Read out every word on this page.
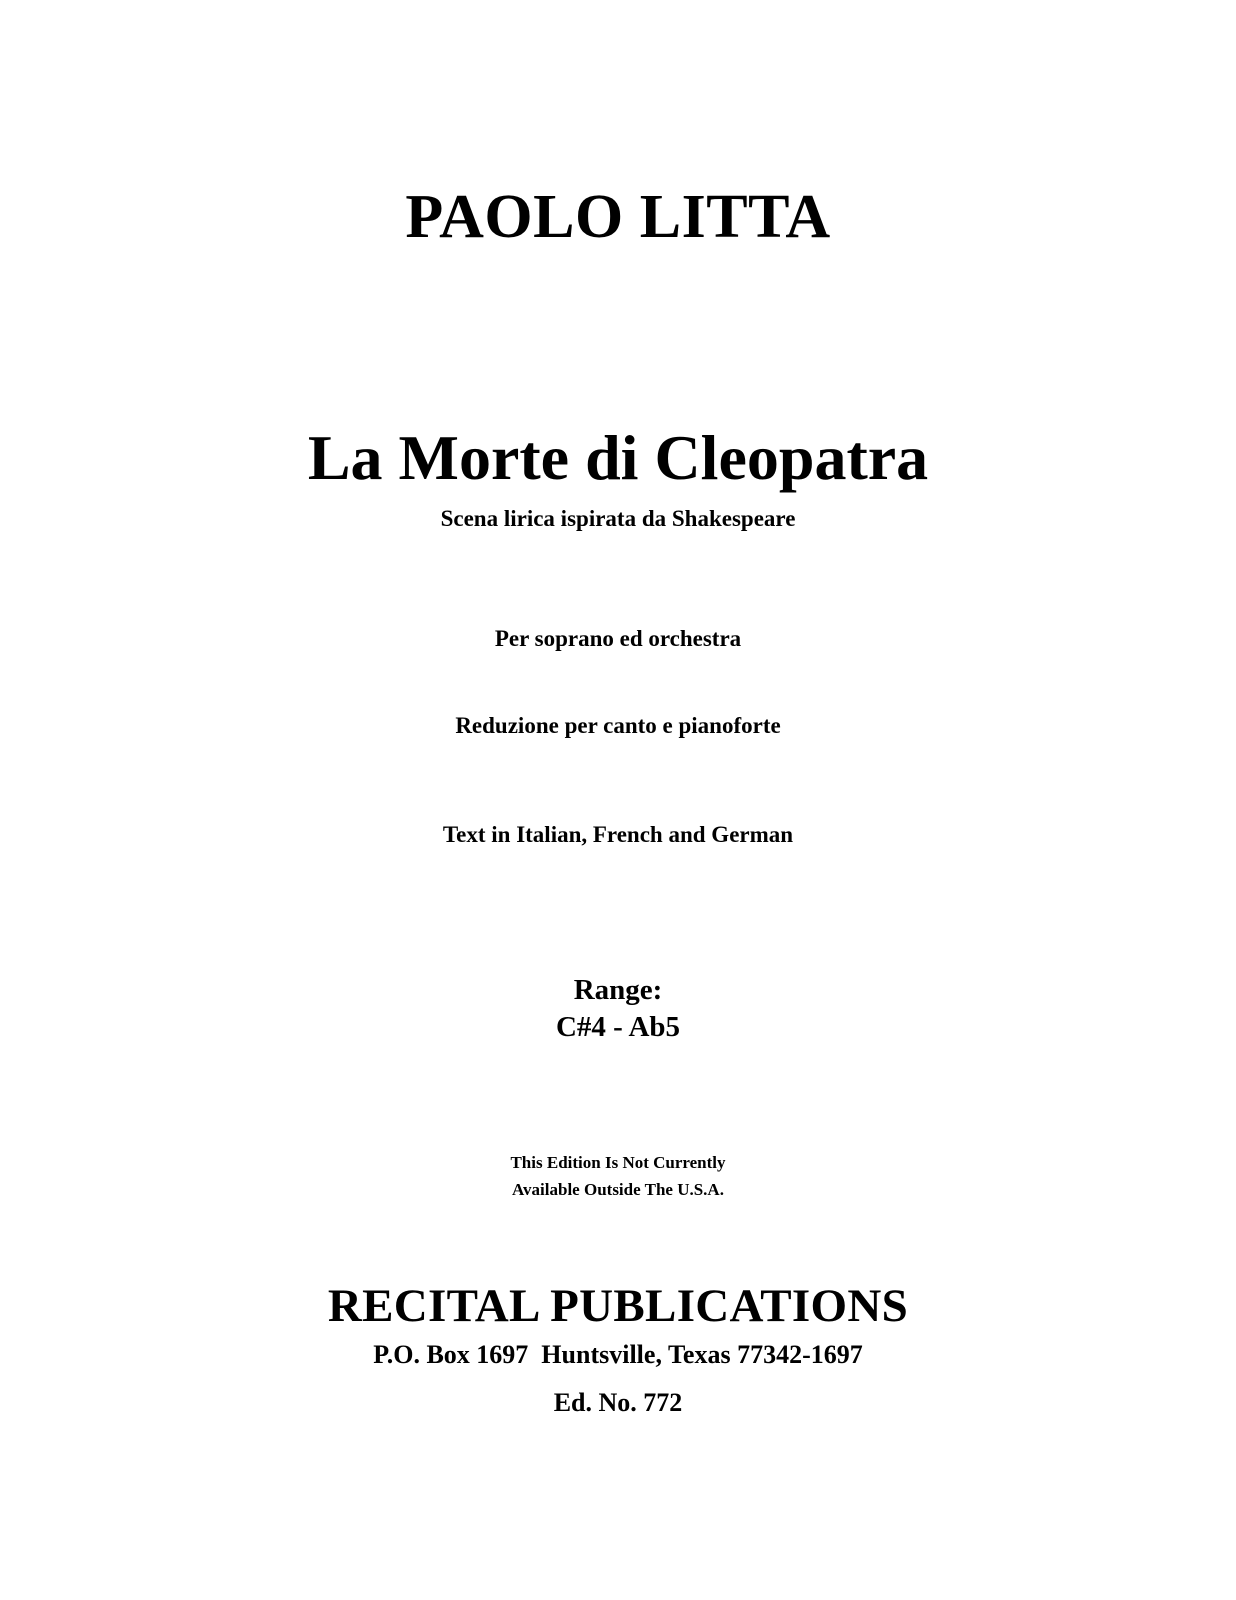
PAOLO LITTA
La Morte di Cleopatra
Scena lirica ispirata da Shakespeare
Per soprano ed orchestra
Reduzione per canto e pianoforte
Text in Italian, French and German
Range:
C#4 - Ab5
This Edition Is Not Currently
Available Outside The U.S.A.
RECITAL PUBLICATIONS
P.O. Box 1697  Huntsville, Texas 77342-1697
Ed. No. 772
